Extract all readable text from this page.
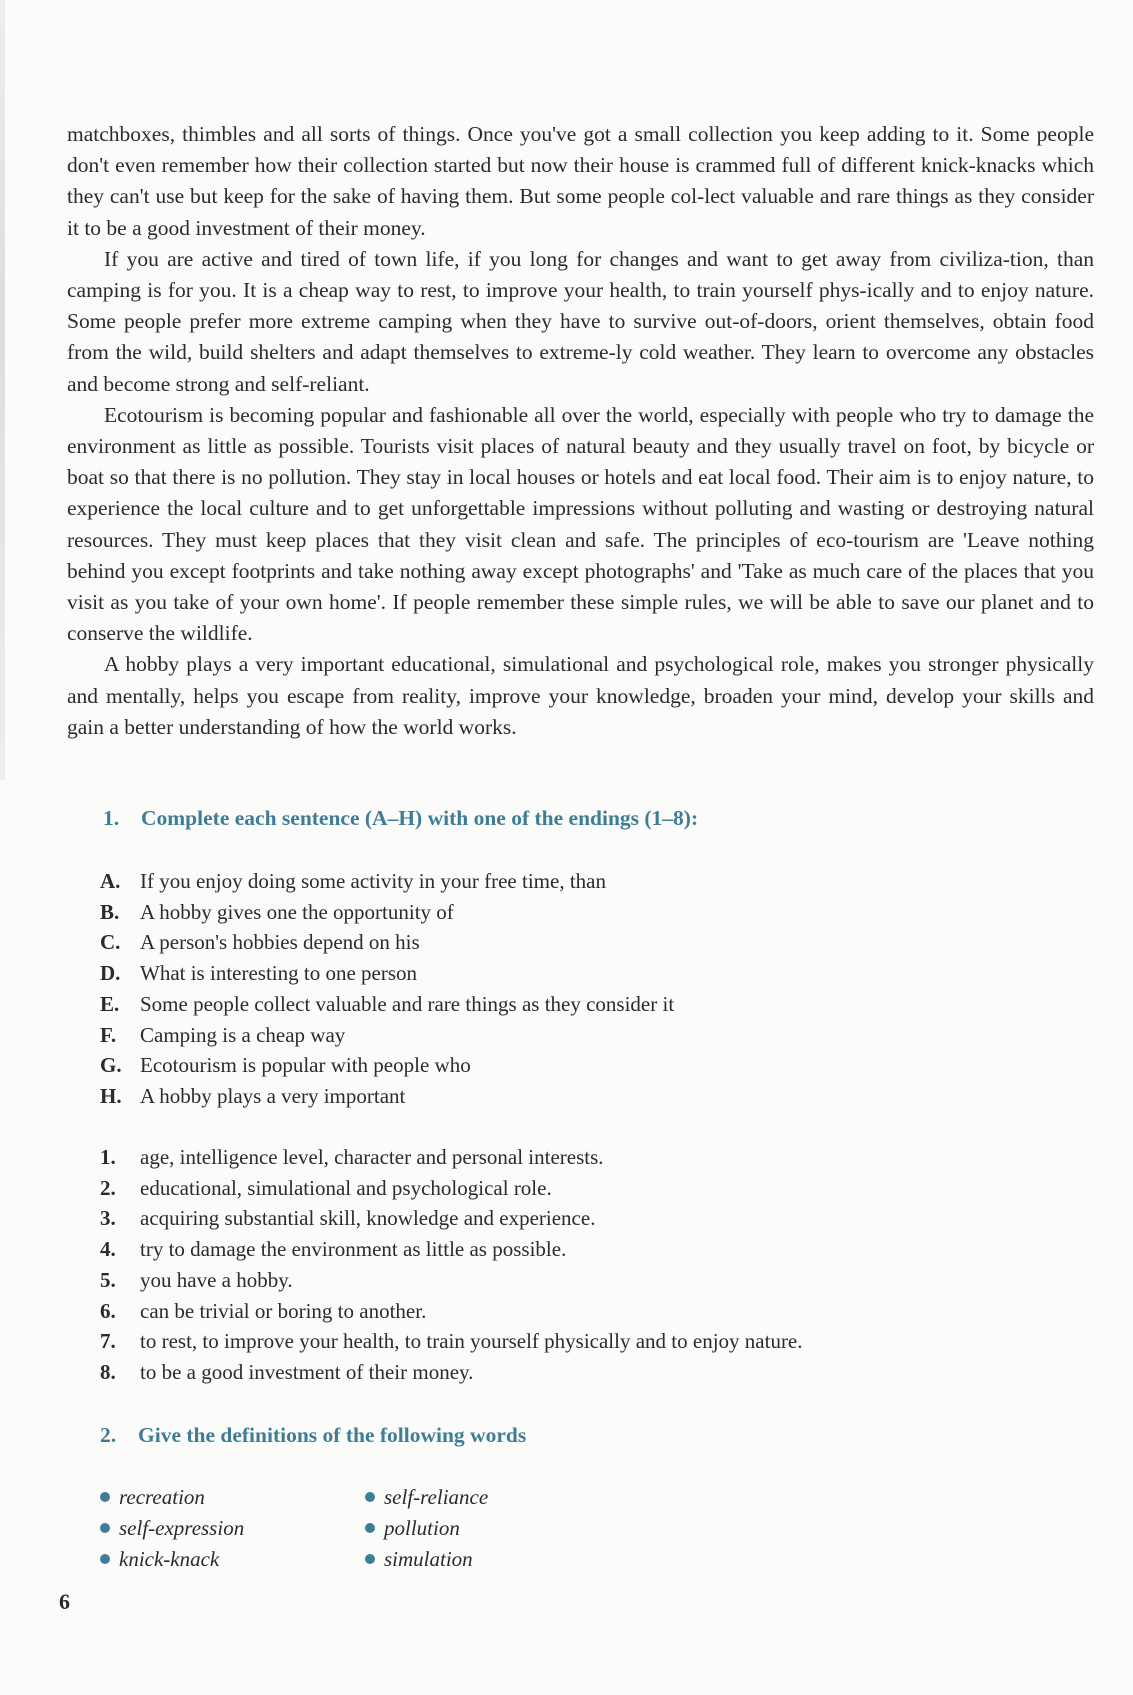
matchboxes, thimbles and all sorts of things. Once you've got a small collection you keep adding to it. Some people don't even remember how their collection started but now their house is crammed full of different knick-knacks which they can't use but keep for the sake of having them. But some people col-lect valuable and rare things as they consider it to be a good investment of their money.

If you are active and tired of town life, if you long for changes and want to get away from civiliza-tion, than camping is for you. It is a cheap way to rest, to improve your health, to train yourself phys-ically and to enjoy nature. Some people prefer more extreme camping when they have to survive out-of-doors, orient themselves, obtain food from the wild, build shelters and adapt themselves to extreme-ly cold weather. They learn to overcome any obstacles and become strong and self-reliant.

Ecotourism is becoming popular and fashionable all over the world, especially with people who try to damage the environment as little as possible. Tourists visit places of natural beauty and they usually travel on foot, by bicycle or boat so that there is no pollution. They stay in local houses or hotels and eat local food. Their aim is to enjoy nature, to experience the local culture and to get unforgettable impressions without polluting and wasting or destroying natural resources. They must keep places that they visit clean and safe. The principles of eco-tourism are 'Leave nothing behind you except footprints and take nothing away except photographs' and 'Take as much care of the places that you visit as you take of your own home'. If people remember these simple rules, we will be able to save our planet and to conserve the wildlife.

A hobby plays a very important educational, simulational and psychological role, makes you stronger physically and mentally, helps you escape from reality, improve your knowledge, broaden your mind, develop your skills and gain a better understanding of how the world works.

1. Complete each sentence (A–H) with one of the endings (1–8):
A. If you enjoy doing some activity in your free time, than
B. A hobby gives one the opportunity of
C. A person's hobbies depend on his
D. What is interesting to one person
E. Some people collect valuable and rare things as they consider it
F. Camping is a cheap way
G. Ecotourism is popular with people who
H. A hobby plays a very important
1. age, intelligence level, character and personal interests.
2. educational, simulational and psychological role.
3. acquiring substantial skill, knowledge and experience.
4. try to damage the environment as little as possible.
5. you have a hobby.
6. can be trivial or boring to another.
7. to rest, to improve your health, to train yourself physically and to enjoy nature.
8. to be a good investment of their money.
2. Give the definitions of the following words
recreation
self-expression
knick-knack
self-reliance
pollution
simulation
6
